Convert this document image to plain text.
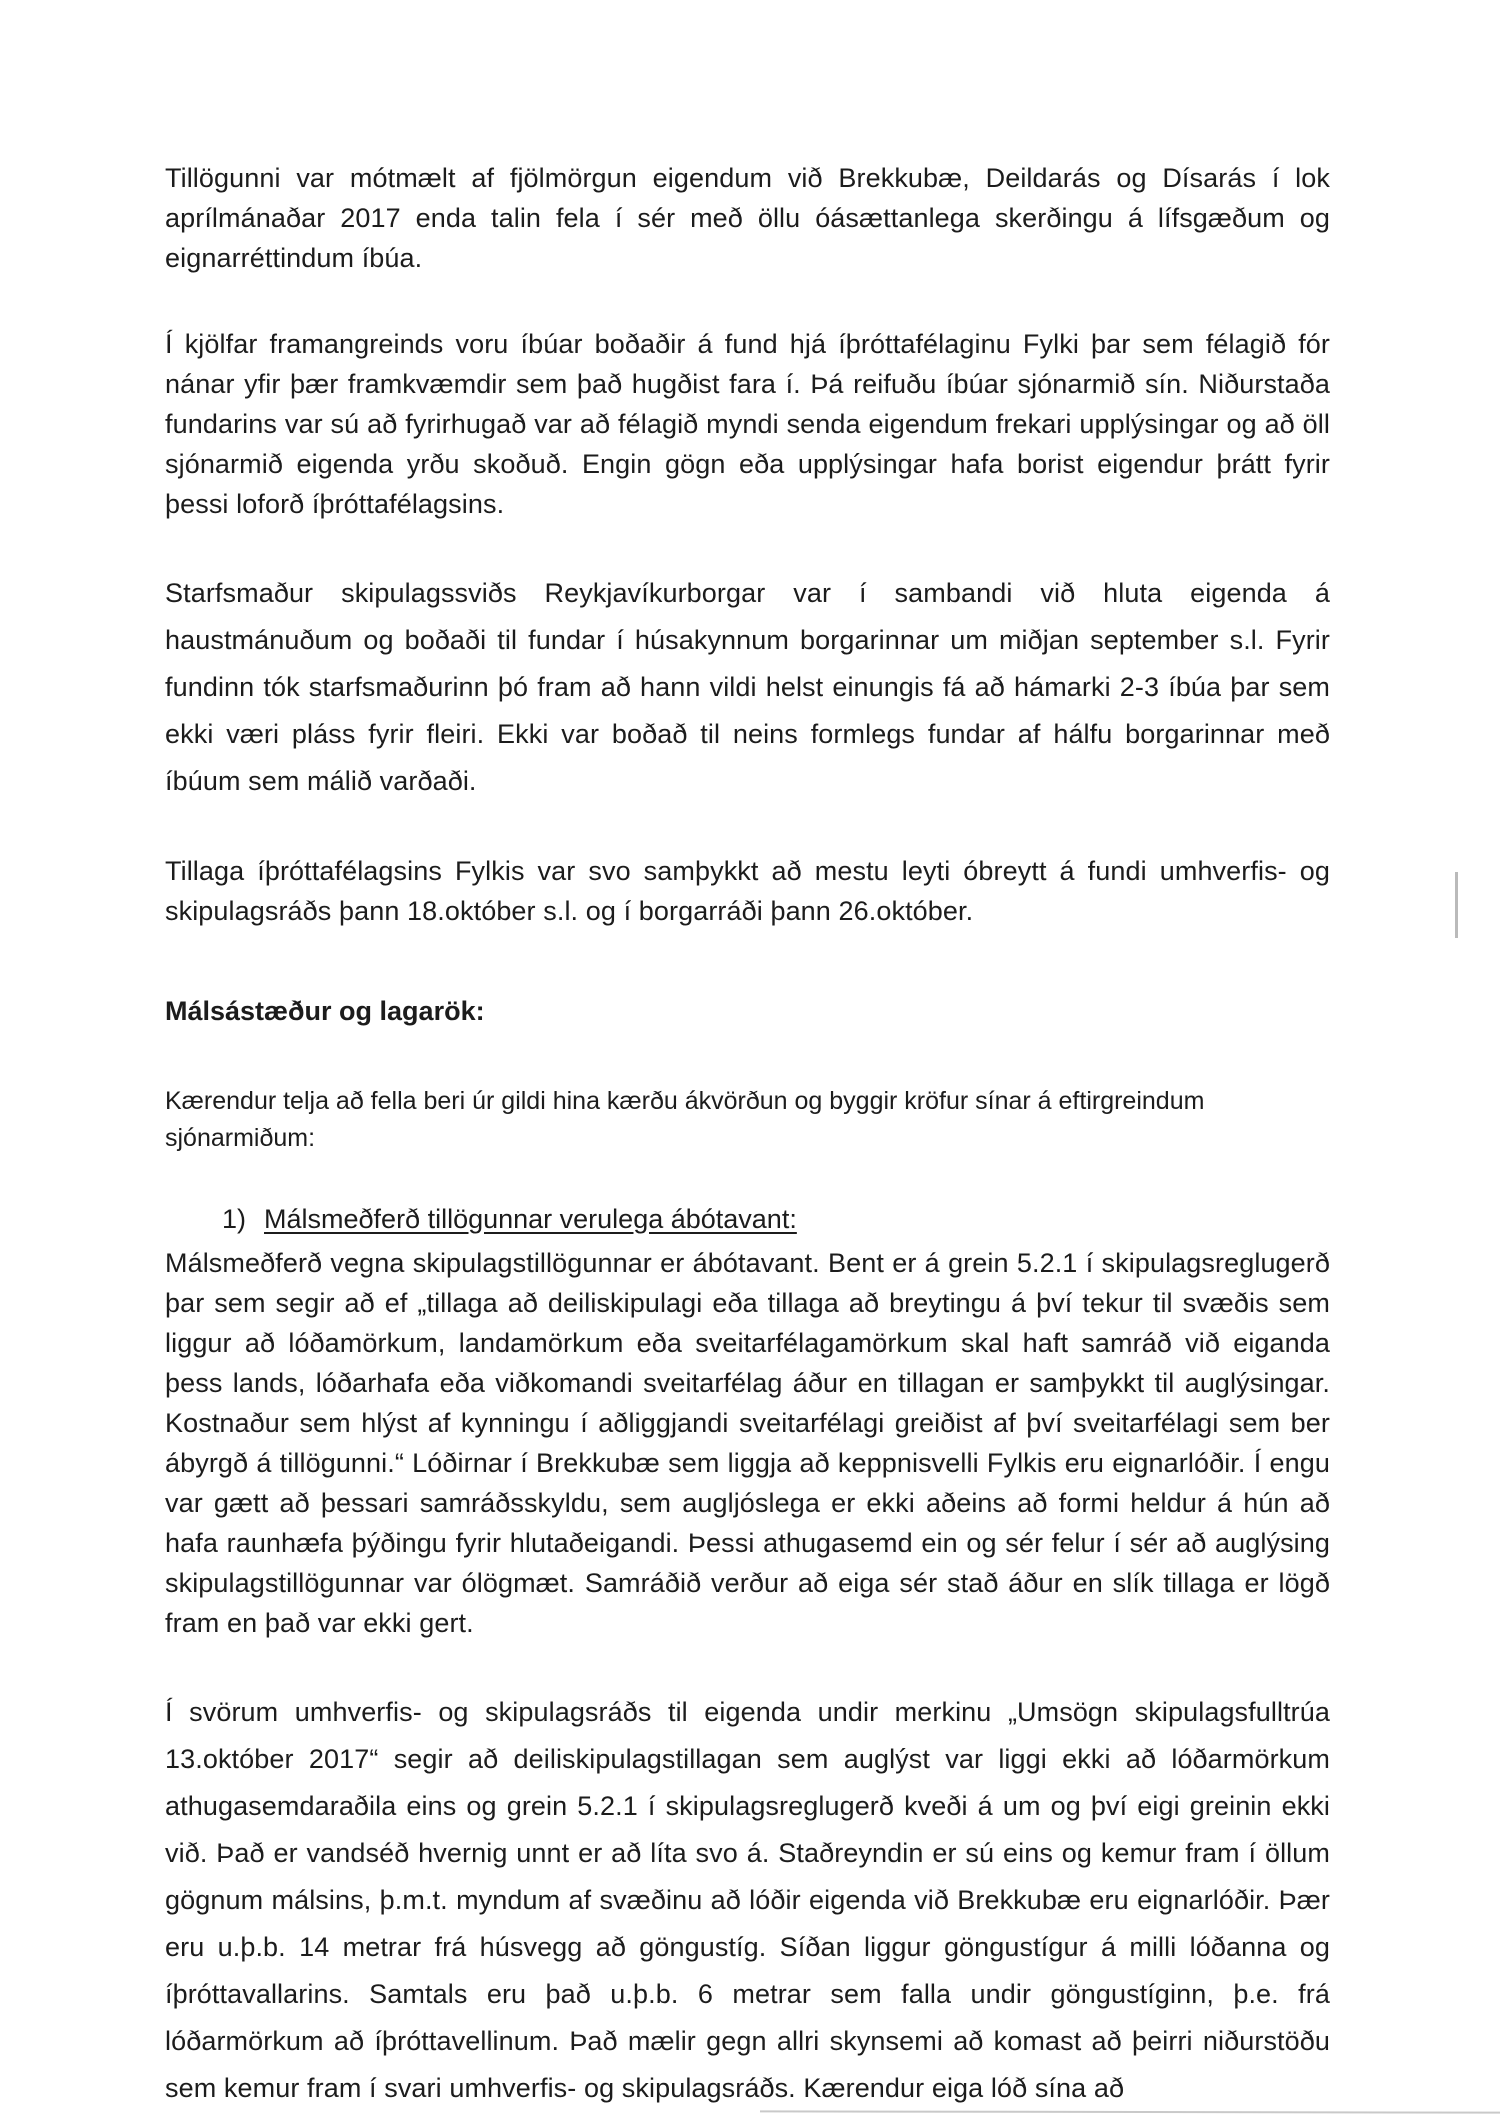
Tillögunni var mótmælt af fjölmörgun eigendum við Brekkubæ, Deildarás og Dísarás í lok aprílmánaðar 2017 enda talin fela í sér með öllu óásættanlega skerðingu á lífsgæðum og eignarréttindum íbúa.

Í kjölfar framangreinds voru íbúar boðaðir á fund hjá íþróttafélaginu Fylki þar sem félagið fór nánar yfir þær framkvæmdir sem það hugðist fara í. Þá reifuðu íbúar sjónarmið sín. Niðurstaða fundarins var sú að fyrirhugað var að félagið myndi senda eigendum frekari upplýsingar og að öll sjónarmið eigenda yrðu skoðuð. Engin gögn eða upplýsingar hafa borist eigendur þrátt fyrir þessi loforð íþróttafélagsins.

Starfsmaður skipulagssviðs Reykjavíkurborgar var í sambandi við hluta eigenda á haustmánuðum og boðaði til fundar í húsakynnum borgarinnar um miðjan september s.l. Fyrir fundinn tók starfsmaðurinn þó fram að hann vildi helst einungis fá að hámarki 2-3 íbúa þar sem ekki væri pláss fyrir fleiri. Ekki var boðað til neins formlegs fundar af hálfu borgarinnar með íbúum sem málið varðaði.

Tillaga íþróttafélagsins Fylkis var svo samþykkt að mestu leyti óbreytt á fundi umhverfis- og skipulagsráðs þann 18.október s.l. og í borgarráði þann 26.október.

Málsástæður og lagarök:

Kærendur telja að fella beri úr gildi hina kærðu ákvörðun og byggir kröfur sínar á eftirgreindum sjónarmiðum:

1) Málsmeðferð tillögunnar verulega ábótavant:

Málsmeðferð vegna skipulagstillögunnar er ábótavant. Bent er á grein 5.2.1 í skipulagsreglugerð þar sem segir að ef „tillaga að deiliskipulagi eða tillaga að breytingu á því tekur til svæðis sem liggur að lóðamörkum, landamörkum eða sveitarfélagamörkum skal haft samráð við eiganda þess lands, lóðarhafa eða viðkomandi sveitarfélag áður en tillagan er samþykkt til auglýsingar. Kostnaður sem hlýst af kynningu í aðliggjandi sveitarfélagi greiðist af því sveitarfélagi sem ber ábyrgð á tillögunni.“ Lóðirnar í Brekkubæ sem liggja að keppnisvelli Fylkis eru eignarlóðir. Í engu var gætt að þessari samráðsskyldu, sem augljóslega er ekki aðeins að formi heldur á hún að hafa raunhæfa þýðingu fyrir hlutaðeigandi. Þessi athugasemd ein og sér felur í sér að auglýsing skipulagstillögunnar var ólögmæt. Samráðið verður að eiga sér stað áður en slík tillaga er lögð fram en það var ekki gert.

Í svörum umhverfis- og skipulagsráðs til eigenda undir merkinu „Umsögn skipulagsfulltrúa 13.október 2017“ segir að deiliskipulagstillagan sem auglýst var liggi ekki að lóðarmörkum athugasemdaraðila eins og grein 5.2.1 í skipulagsreglugerð kveði á um og því eigi greinin ekki við. Það er vandséð hvernig unnt er að líta svo á. Staðreyndin er sú eins og kemur fram í öllum gögnum málsins, þ.m.t. myndum af svæðinu að lóðir eigenda við Brekkubæ eru eignarlóðir. Þær eru u.þ.b. 14 metrar frá húsvegg að göngustíg. Síðan liggur göngustígur á milli lóðanna og íþróttavallarins. Samtals eru það u.þ.b. 6 metrar sem falla undir göngustíginn, þ.e. frá lóðarmörkum að íþróttavellinum. Það mælir gegn allri skynsemi að komast að þeirri niðurstöðu sem kemur fram í svari umhverfis- og skipulagsráðs. Kærendur eiga lóð sína að
